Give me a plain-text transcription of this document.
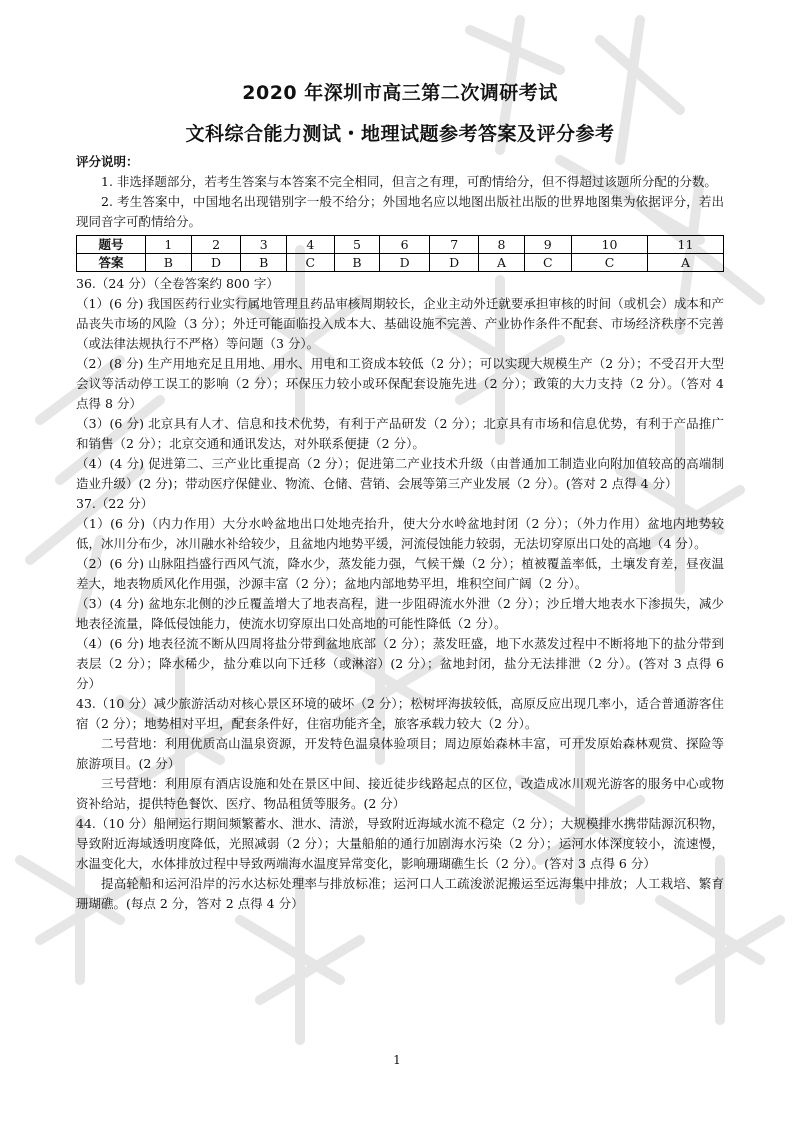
2020 年深圳市高三第二次调研考试
文科综合能力测试・地理试题参考答案及评分参考
评分说明：

1. 非选择题部分，若考生答案与本答案不完全相同，但言之有理，可酌情给分，但不得超过该题所分配的分数。

2. 考生答案中，中国地名出现错别字一般不给分；外国地名应以地图出版社出版的世界地图集为依据评分，若出现同音字可酌情给分。

题号	1	2	3	4	5	6	7	8	9	10	11
答案	B	D	B	C	B	D	D	A	C	C	A

36.（24 分）（全卷答案约 800 字）

（1）(6 分) 我国医药行业实行属地管理且药品审核周期较长，企业主动外迁就要承担审核的时间（或机会）成本和产品丧失市场的风险（3 分）；外迁可能面临投入成本大、基础设施不完善、产业协作条件不配套、市场经济秩序不完善（或法律法规执行不严格）等问题（3 分）。

（2）(8 分) 生产用地充足且用地、用水、用电和工资成本较低（2 分）；可以实现大规模生产（2 分）；不受召开大型会议等活动停工误工的影响（2 分）；环保压力较小或环保配套设施先进（2 分）；政策的大力支持（2 分）。（答对 4 点得 8 分）

（3）(6 分) 北京具有人才、信息和技术优势，有利于产品研发（2 分）；北京具有市场和信息优势，有利于产品推广和销售（2 分）；北京交通和通讯发达，对外联系便捷（2 分）。

（4）(4 分) 促进第二、三产业比重提高（2 分）；促进第二产业技术升级（由普通加工制造业向附加值较高的高端制造业升级）(2 分)；带动医疗保健业、物流、仓储、营销、会展等第三产业发展（2 分）。(答对 2 点得 4 分）

37.（22 分）

（1）(6 分)（内力作用）大分水岭盆地出口处地壳抬升，使大分水岭盆地封闭（2 分）；（外力作用）盆地内地势较低，冰川分布少，冰川融水补给较少，且盆地内地势平缓，河流侵蚀能力较弱，无法切穿原出口处的高地（4 分）。

（2）(6 分) 山脉阻挡盛行西风气流，降水少，蒸发能力强，气候干燥（2 分）；植被覆盖率低，土壤发育差，昼夜温差大，地表物质风化作用强，沙源丰富（2 分）；盆地内部地势平坦，堆积空间广阔（2 分）。

（3）(4 分) 盆地东北侧的沙丘覆盖增大了地表高程，进一步阻碍流水外泄（2 分）；沙丘增大地表水下渗损失，减少地表径流量，降低侵蚀能力，使流水切穿原出口处高地的可能性降低（2 分）。

（4）(6 分) 地表径流不断从四周将盐分带到盆地底部（2 分）；蒸发旺盛，地下水蒸发过程中不断将地下的盐分带到表层（2 分）；降水稀少，盐分难以向下迁移（或淋溶）(2 分）；盆地封闭，盐分无法排泄（2 分）。(答对 3 点得 6 分）

43.（10 分）减少旅游活动对核心景区环境的破坏（2 分）；松树坪海拔较低，高原反应出现几率小，适合普通游客住宿（2 分）；地势相对平坦，配套条件好，住宿功能齐全，旅客承载力较大（2 分）。

二号营地：利用优质高山温泉资源，开发特色温泉体验项目；周边原始森林丰富，可开发原始森林观赏、探险等旅游项目。(2 分）

三号营地：利用原有酒店设施和处在景区中间、接近徒步线路起点的区位，改造成冰川观光游客的服务中心或物资补给站，提供特色餐饮、医疗、物品租赁等服务。(2 分）

44.（10 分）船闸运行期间频繁蓄水、泄水、清淤，导致附近海域水流不稳定（2 分）；大规模排水携带陆源沉积物，导致附近海域透明度降低，光照减弱（2 分）；大量船舶的通行加剧海水污染（2 分）；运河水体深度较小，流速慢，水温变化大，水体排放过程中导致两端海水温度异常变化，影响珊瑚礁生长（2 分）。(答对 3 点得 6 分）

提高轮船和运河沿岸的污水达标处理率与排放标准；运河口人工疏浚淤泥搬运至远海集中排放；人工栽培、繁育珊瑚礁。(每点 2 分，答对 2 点得 4 分）

1
